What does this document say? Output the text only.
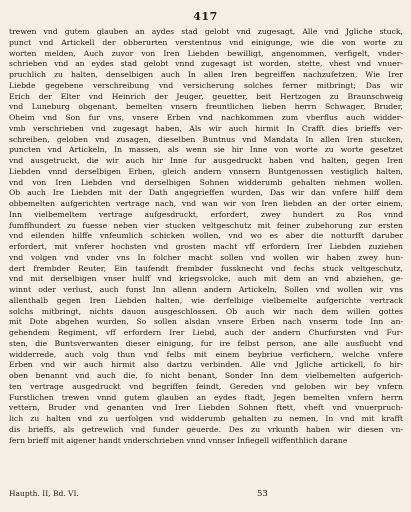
417
trewen vnd gutem glauben an aydes stad gelobt vnd zugesagt, Alle vnd Jgliche stuck,
punct vnd Artickell der obberurten verstentnus vnd einigunge, wie die von worte zu
worten melden, Auch zuvor von Iren Liebden bewilligt, angenommen, verfigelt, vnder-
schrieben vnd an eydes stad gelobt vnnd zugesagt ist worden, stette, vhest vnd vnuer-
pruchlich zu halten, denselbigen auch In allen Iren begreiffen nachzufetzen, Wie Irer
Liebde gegebene verschreibung vnd versicherung solches ferner mitbringt; Das wir
Erich der Elter vnd Heinrich der Jeuger, geuetter, beit Hertzogen zu Braunschweig
vnd Luneburg obgenant, bemelten vnsern freuntlichen lieben herrn Schwager, Bruder,
Oheim vnd Son fur vns, vnsere Erben vnd nachkommen zum vberflus auch widder-
vmb verschrieben vnd zugesagt haben, Als wir auch hirmit In Crafft dies brieffs ver-
schreiben, geloben vnd zusagen, dieselben Buntnus vnd Mandata In allen Iren stucken,
puncten vnd Artickeln, In massen, als wenn sie hir Inne von worte zu worte gesetzet
vnd ausgetruckt, die wir auch hir Inne fur ausgedruckt haben vnd halten, gegen Iren
Liebden vnnd derselbigen Erben, gleich andern vnnsern Buntgenossen vestiglich halten,
vnd von Iren Liebden vnd derselbigen Sohnen widderumb gehalten nehmen wollen.
Ob auch Ire Liebden mit der Dath angegrieffen wurden, Das wir dan vnfere hilff dem
obbemelten aufgerichten vertrage nach, vnd wan wir von Iren liebden an der orter einem,
Inn vielbemeltem vertrage aufgesdruckt, erfordert, zwey hundert zu Ros vnnd
fumffhundert zu fuesse neben vier stucken veltgeschutz mit feiner zubehorung zur ersten
vnd eilenden hilffe vnfeumlich schicken wollen, vnd wo es aber die notturfft daruber
erfordert, mit vnferer hochsten vnd grosten macht vff erfordern Irer Liebden zuziehen
vnd volgen vnd vnder vns In folcher macht sollen vnd wollen wir haben zwey hun-
dert frembder Reuter, Ein taufendt frembder fussknecht vnd fechs stuck veltgeschutz,
vnd mit derselbigen vnser hulff vnd kriegsvolcke, auch mit dem an vnd abziehen, ge-
winnt oder verlust, auch funst Inn allenn andern Artickeln, Sollen vnd wollen wir vns
allenthalb gegen Iren Liebden halten, wie derfelbige vielbemelte aufgerichte vertrack
solchs mitbringt, nichts dauon ausgeschlossen. Ob auch wir nach dem willen gottes
mit Dote abgehen wurden, So sollen alsdan vnsere Erben nach vnserm tode Inn an-
gehendem Regiment, vff erfordern Irer Liebd, auch der andern Churfursten vnd Fur-
sten, die Buntsverwanten dieser einigung, fur ire felbst person, ane alle ausflucht vnd
widderrede, auch volg thun vnd felbs mit einem beybriue verfichern, welche vnfere
Erben vnd wir auch hirmit also dartzu verbinden. Alle vnd Jgliche artickell, fo hir-
oben benannt vnd auch die, fo nicht benant, Sonder Inn dem vielbemelten aufgerich-
ten vertrage ausgedruckt vnd begriffen feindt, Gereden vnd geloben wir bey vnfern
Furstlichen trewen vnnd gutem glauben an eydes ftadt, Jegen bemelten vnfern herrn
vettern, Bruder vnd genanten vnd Irer Liebden Sohnen ftett, vheft vnd vnuerpruch-
lich zu halten vnd zu uerfolgen vnd widderumb gehalten zu nemen, In vnd mit krafft
dis brieffs, als getrewlich vnd funder geuerde. Des zu vrkunth haben wir diesen vn-
fern brieff mit aigener handt vnderschrieben vnnd vnnser Infiegell wiffenthlich darane
Haupth. II, Bd. VI.	53
